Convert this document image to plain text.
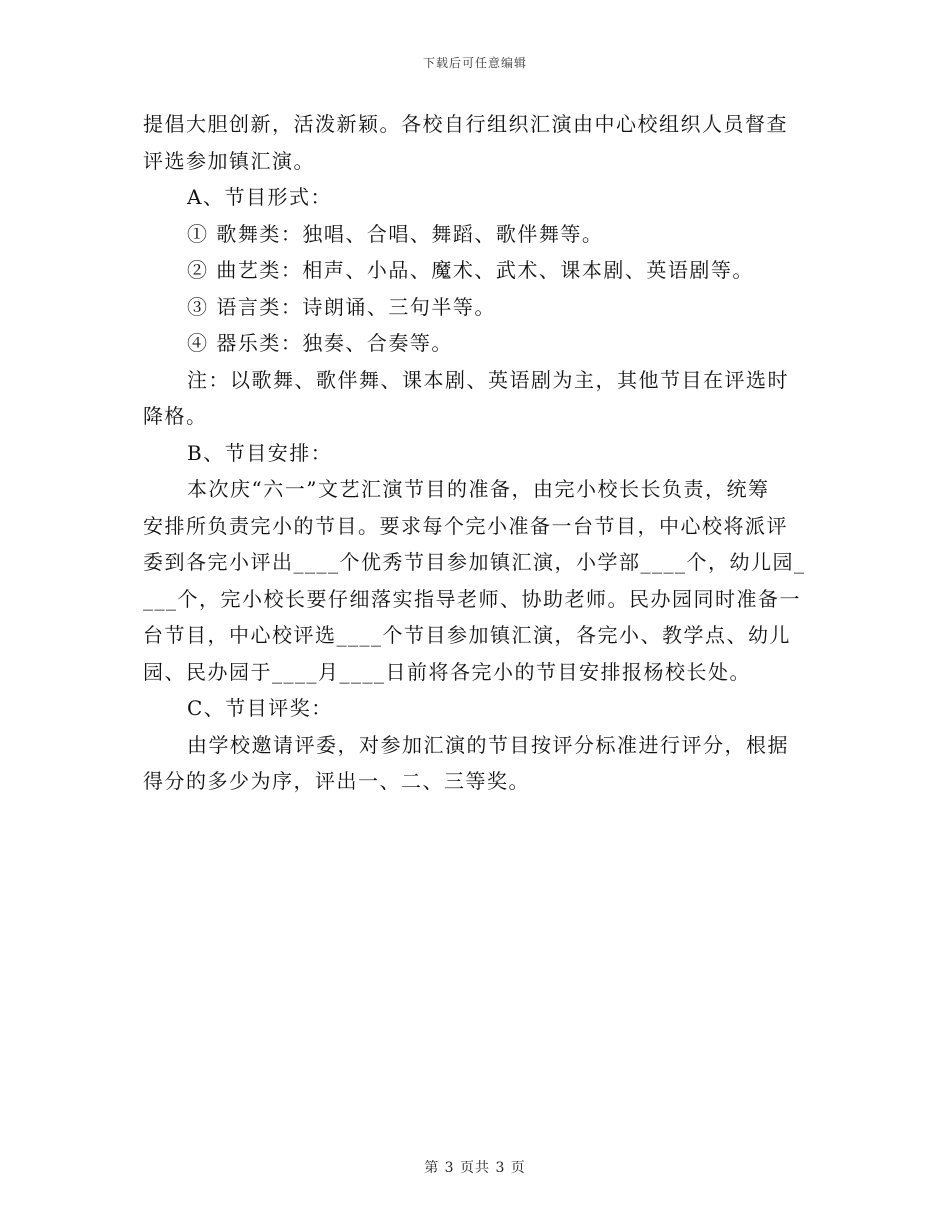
下载后可任意编辑
提倡大胆创新，活泼新颖。各校自行组织汇演由中心校组织人员督查
评选参加镇汇演。
A、节目形式：
① 歌舞类：独唱、合唱、舞蹈、歌伴舞等。
② 曲艺类：相声、小品、魔术、武术、课本剧、英语剧等。
③ 语言类：诗朗诵、三句半等。
④ 器乐类：独奏、合奏等。
注：以歌舞、歌伴舞、课本剧、英语剧为主，其他节目在评选时
降格。
B、节目安排：
本次庆“六一”文艺汇演节目的准备，由完小校长长负责，统筹
安排所负责完小的节目。要求每个完小准备一台节目，中心校将派评
委到各完小评出____个优秀节目参加镇汇演，小学部____个，幼儿园_
___个，完小校长要仔细落实指导老师、协助老师。民办园同时准备一
台节目，中心校评选____个节目参加镇汇演，各完小、教学点、幼儿
园、民办园于____月____日前将各完小的节目安排报杨校长处。
C、节目评奖：
由学校邀请评委，对参加汇演的节目按评分标准进行评分，根据
得分的多少为序，评出一、二、三等奖。
第 3 页共 3 页
